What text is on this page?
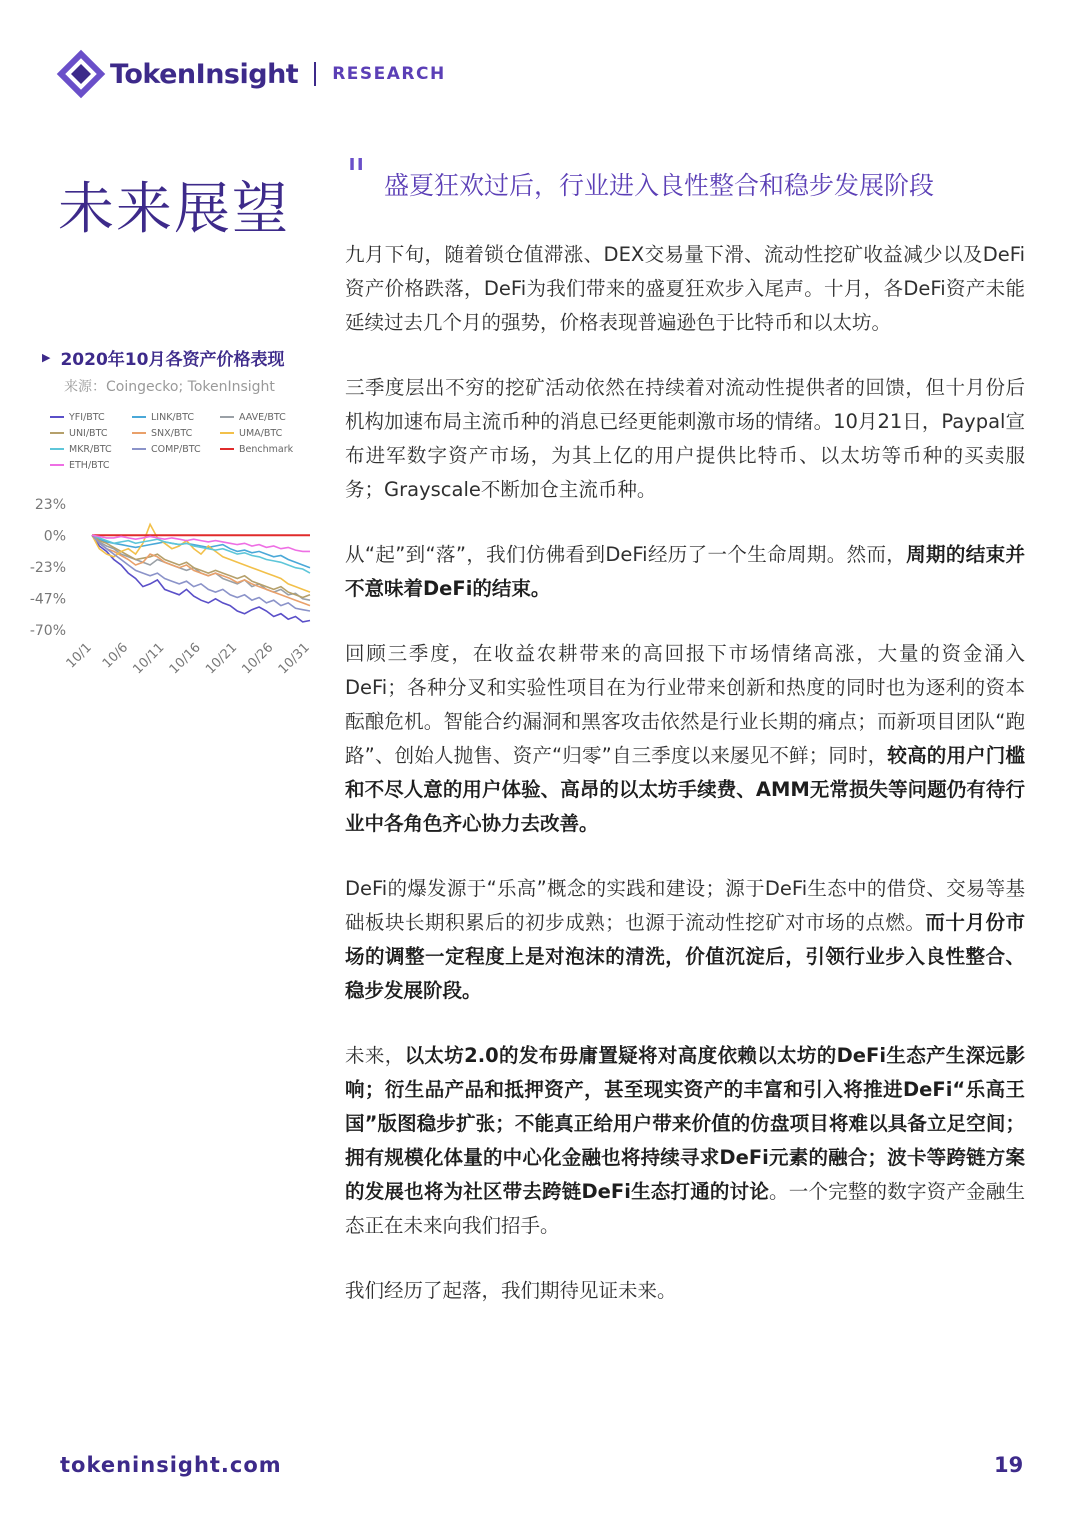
TokenInsight RESEARCH
未来展望
" 盛夏狂欢过后，行业进入良性整合和稳步发展阶段

九月下旬，随着锁仓值滞涨、DEX交易量下滑、流动性挖矿收益减少以及DeFi资产价格跌落，DeFi为我们带来的盛夏狂欢步入尾声。十月，各DeFi资产未能延续过去几个月的强势，价格表现普遍逊色于比特币和以太坊。

三季度层出不穷的挖矿活动依然在持续着对流动性提供者的回馈，但十月份后机构加速布局主流币种的消息已经更能刺激市场的情绪。10月21日，Paypal宣布进军数字资产市场，为其上亿的用户提供比特币、以太坊等币种的买卖服务；Grayscale不断加仓主流币种。

从“起”到“落”，我们仿佛看到DeFi经历了一个生命周期。然而，周期的结束并不意味着DeFi的结束。

回顾三季度，在收益农耕带来的高回报下市场情绪高涨，大量的资金涌入DeFi；各种分叉和实验性项目在为行业带来创新和热度的同时也为逐利的资本酝酿危机。智能合约漏洞和黑客攻击依然是行业长期的痛点；而新项目团队“跑路”、创始人抛售、资产“归零”自三季度以来屡见不鲜；同时，较高的用户门槛和不尽人意的用户体验、高昂的以太坊手续费、AMM无常损失等问题仍有待行业中各角色齐心协力去改善。

DeFi的爆发源于“乐高”概念的实践和建设；源于DeFi生态中的借贷、交易等基础板块长期积累后的初步成熟；也源于流动性挖矿对市场的点燃。而十月份市场的调整一定程度上是对泡沫的清洗，价值沉淀后，引领行业步入良性整合、稳步发展阶段。

未来，以太坊2.0的发布毋庸置疑将对高度依赖以太坊的DeFi生态产生深远影响；衍生品产品和抵押资产，甚至现实资产的丰富和引入将推进DeFi“乐高王国”版图稳步扩张；不能真正给用户带来价值的仿盘项目将难以具备立足空间；拥有规模化体量的中心化金融也将持续寻求DeFi元素的融合；波卡等跨链方案的发展也将为社区带去跨链DeFi生态打通的讨论。一个完整的数字资产金融生态正在未来向我们招手。

我们经历了起落，我们期待见证未来。

▶ 2020年10月各资产价格表现
来源：Coingecko; TokenInsight
YFI/BTC	LINK/BTC	AAVE/BTC
UNI/BTC	SNX/BTC	UMA/BTC
MKR/BTC	COMP/BTC	Benchmark
ETH/BTC
23%
0%
-23%
-47%
-70%
10/1 10/6 10/11 10/16 10/21 10/26 10/31
tokeninsight.com	19
